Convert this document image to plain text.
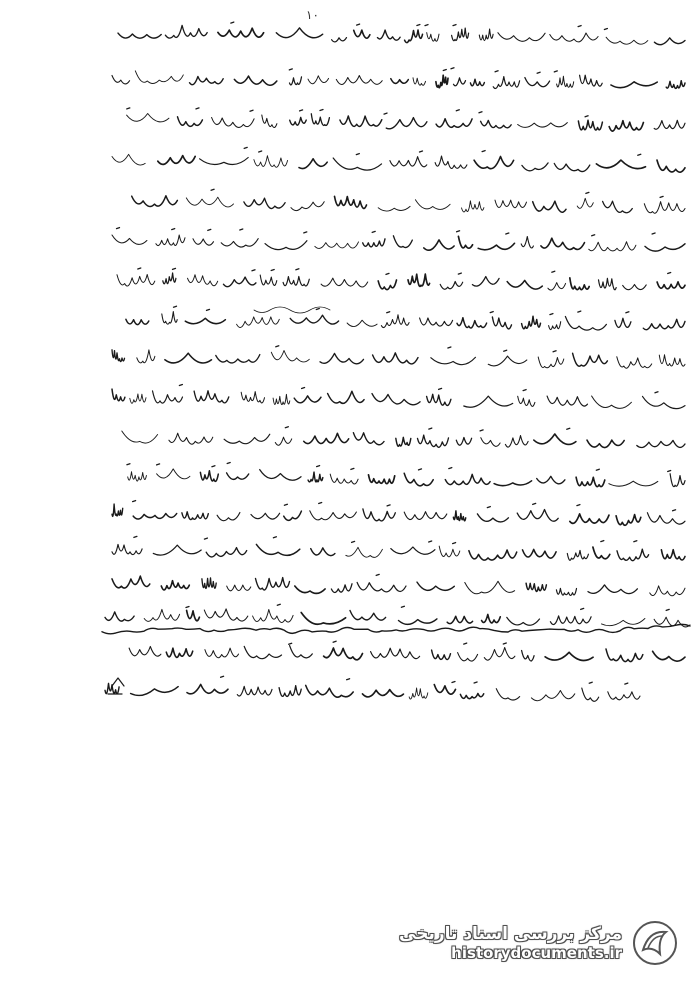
۱۰
مرکز بررسی اسناد تاریخی
historydocuments.ir
